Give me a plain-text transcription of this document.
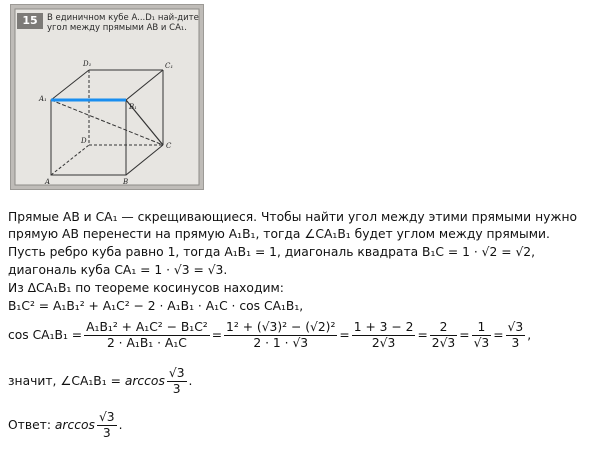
D₁	C₁
A₁
B₁
D
C
A	B
15	В единичном кубе A...D₁ най-дите угол между прямыми AB и CA₁.
Прямые AB и CA₁ — скрещивающиеся. Чтобы найти угол между этими прямыми нужно
прямую AB перенести на прямую A₁B₁, тогда ∠CA₁B₁ будет углом между прямыми.
Пусть ребро куба равно 1, тогда A₁B₁ = 1, диагональ квадрата B₁C = 1 · √2 = √2,
диагональ куба CA₁ = 1 · √3 = √3.
Из ΔCA₁B₁ по теореме косинусов находим:
B₁C² = A₁B₁² + A₁C² − 2 · A₁B₁ · A₁C · cos CA₁B₁,
$\cos CA_1B_1 = \frac{\text{A₁B₁² + A₁C² − B₁C²}}{\text{2 · A₁B₁ · A₁C}} = \frac{\text{1² + (√3)² − (√2)²}}{2 \cdot 1 \cdot √3} = \frac{1 + 3 - 2}{2√3} = \frac{2}{2√3} = \frac{1}{√3} = \frac{√3}{3}$ ,
значит, ∠CA₁B₁ =
$\arccos \frac{√3}{3}$ .
Ответ:
$\arccos \frac{√3}{3}$ .
